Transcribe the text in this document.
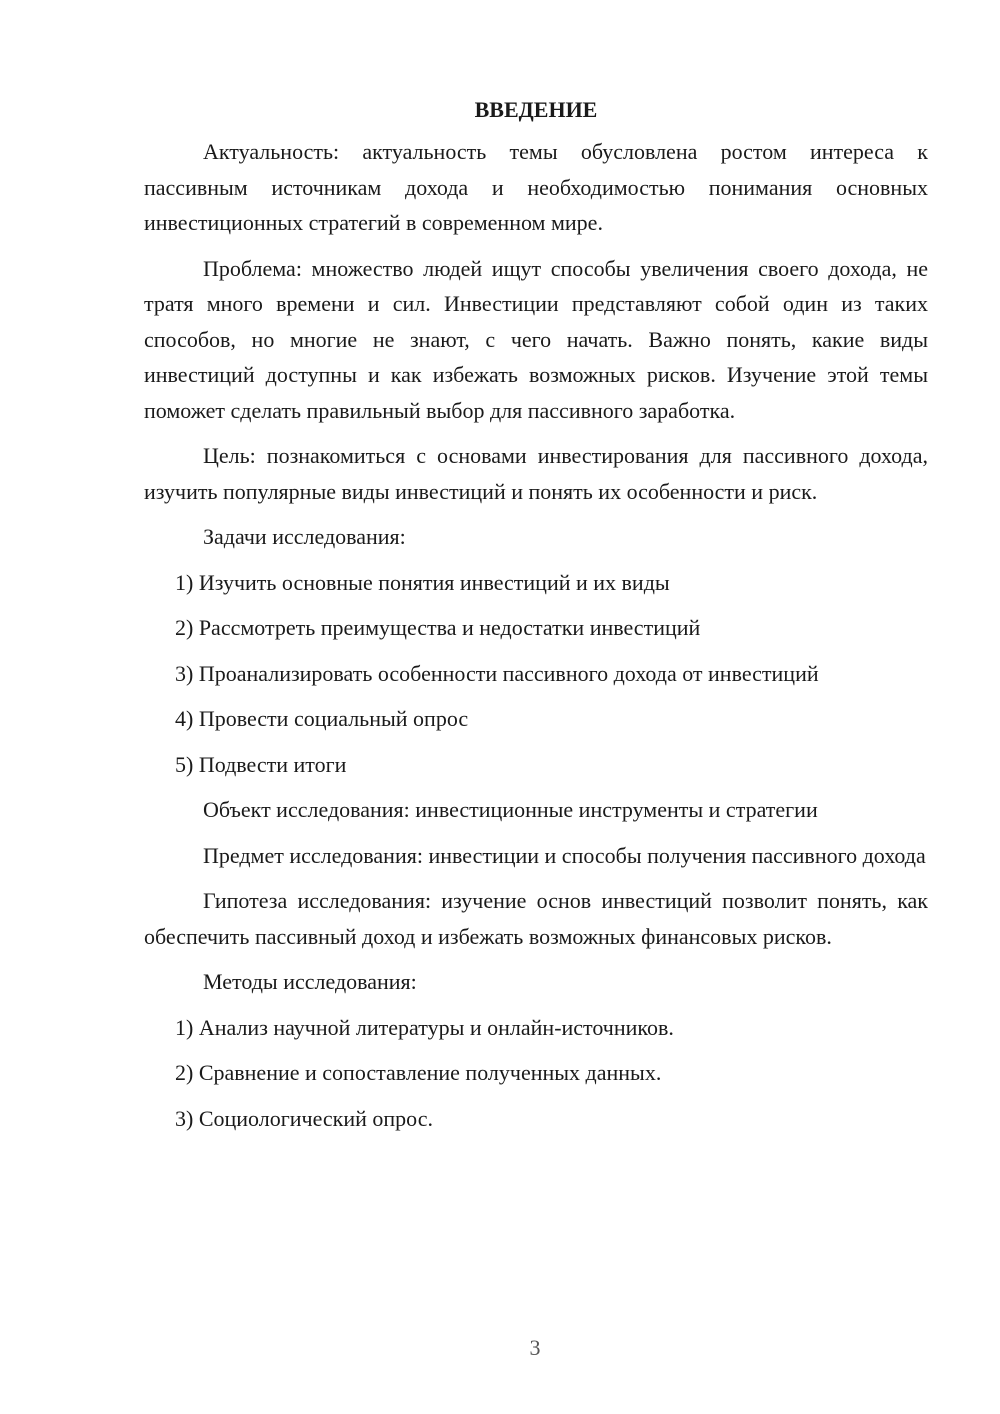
ВВЕДЕНИЕ

Актуальность: актуальность темы обусловлена ростом интереса к пассивным источникам дохода и необходимостью понимания основных инвестиционных стратегий в современном мире.

Проблема: множество людей ищут способы увеличения своего дохода, не тратя много времени и сил. Инвестиции представляют собой один из таких способов, но многие не знают, с чего начать. Важно понять, какие виды инвестиций доступны и как избежать возможных рисков. Изучение этой темы поможет сделать правильный выбор для пассивного заработка.

Цель: познакомиться с основами инвестирования для пассивного дохода, изучить популярные виды инвестиций и понять их особенности и риск.

Задачи исследования:
1) Изучить основные понятия инвестиций и их виды
2) Рассмотреть преимущества и недостатки инвестиций
3) Проанализировать особенности пассивного дохода от инвестиций
4) Провести социальный опрос
5) Подвести итоги
Объект исследования: инвестиционные инструменты и стратегии

Предмет исследования: инвестиции и способы получения пассивного дохода

Гипотеза исследования: изучение основ инвестиций позволит понять, как обеспечить пассивный доход и избежать возможных финансовых рисков.

Методы исследования:
1) Анализ научной литературы и онлайн-источников.
2) Сравнение и сопоставление полученных данных.
3) Социологический опрос.
3
